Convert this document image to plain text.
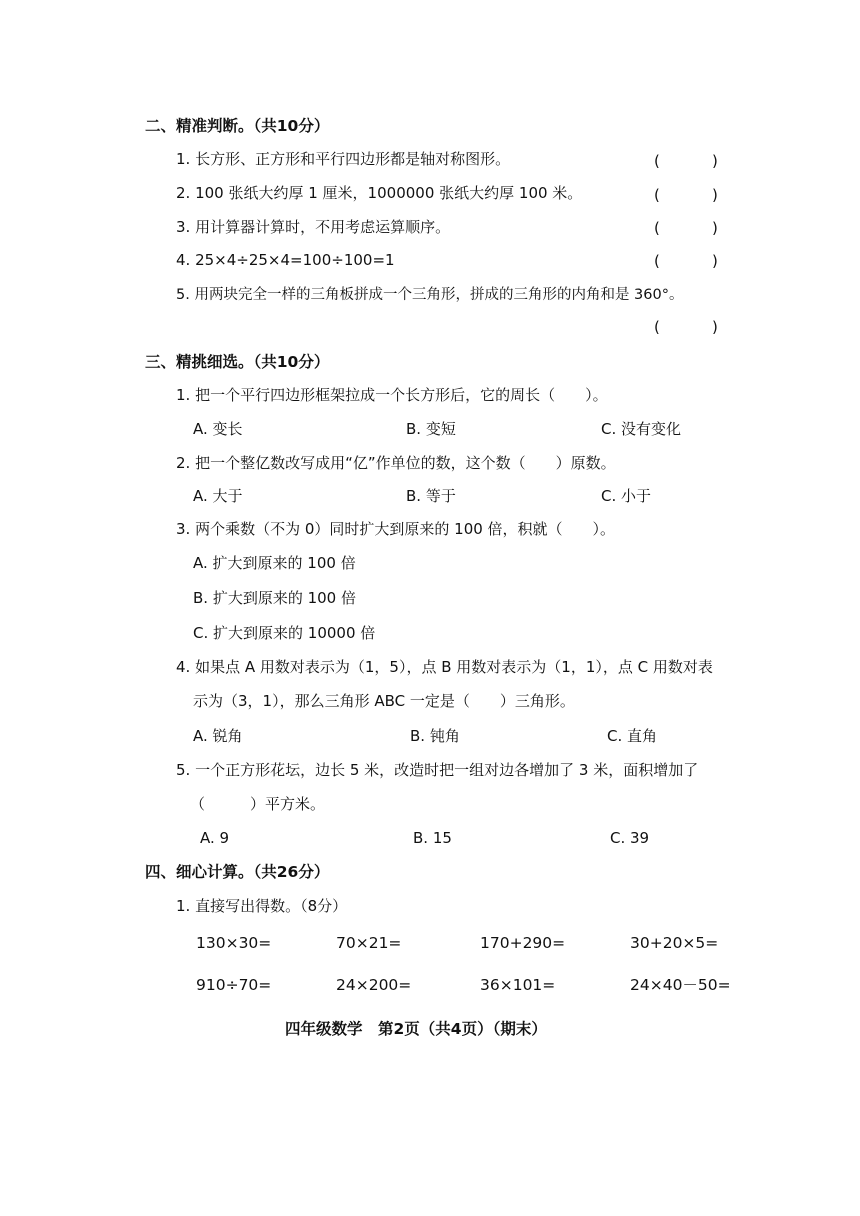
二、精准判断。（共10分）
1. 长方形、正方形和平行四边形都是轴对称图形。	(	)
2. 100 张纸大约厚 1 厘米，1000000 张纸大约厚 100 米。	(	)
3. 用计算器计算时，不用考虑运算顺序。	(	)
4. 25×4÷25×4=100÷100=1	(	)
5. 用两块完全一样的三角板拼成一个三角形，拼成的三角形的内角和是 360°。
(	)
三、精挑细选。（共10分）
1. 把一个平行四边形框架拉成一个长方形后，它的周长（　　）。
A. 变长	B. 变短	C. 没有变化
2. 把一个整亿数改写成用“亿”作单位的数，这个数（　　）原数。
A. 大于	B. 等于	C. 小于
3. 两个乘数（不为 0）同时扩大到原来的 100 倍，积就（　　）。
A. 扩大到原来的 100 倍
B. 扩大到原来的 100 倍
C. 扩大到原来的 10000 倍
4. 如果点 A 用数对表示为（1，5），点 B 用数对表示为（1，1），点 C 用数对表
示为（3，1），那么三角形 ABC 一定是（　　）三角形。
A. 锐角	B. 钝角	C. 直角
5. 一个正方形花坛，边长 5 米，改造时把一组对边各增加了 3 米，面积增加了
（　　　）平方米。
A. 9	B. 15	C. 39
四、细心计算。（共26分）
1. 直接写出得数。（8分）
130×30=	70×21=	170+290=	30+20×5=
910÷70=	24×200=	36×101=	24×40－50=
四年级数学　第2页（共4页）（期末）
